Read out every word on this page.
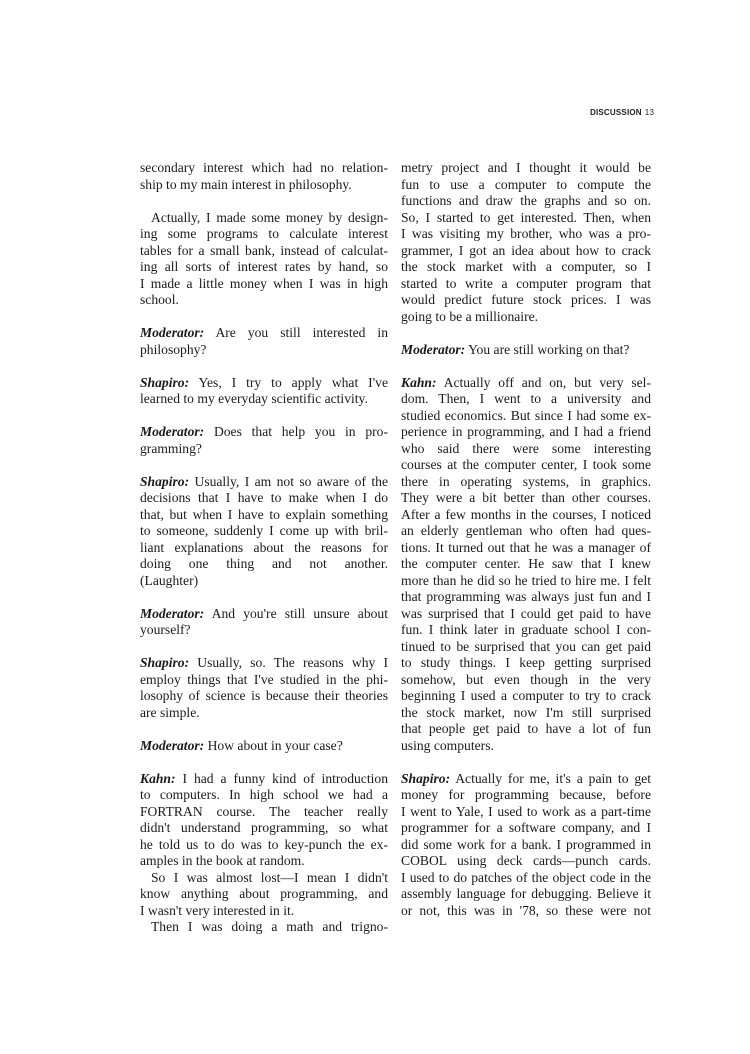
DISCUSSION 13
secondary interest which had no relation-
ship to my main interest in philosophy.
Actually, I made some money by design-
ing some programs to calculate interest
tables for a small bank, instead of calculat-
ing all sorts of interest rates by hand, so
I made a little money when I was in high
school.
Moderator: Are you still interested in
philosophy?
Shapiro: Yes, I try to apply what I've
learned to my everyday scientific activity.
Moderator: Does that help you in pro-
gramming?
Shapiro: Usually, I am not so aware of the
decisions that I have to make when I do
that, but when I have to explain something
to someone, suddenly I come up with bril-
liant explanations about the reasons for
doing one thing and not another.
(Laughter)
Moderator: And you're still unsure about
yourself?
Shapiro: Usually, so. The reasons why I
employ things that I've studied in the phi-
losophy of science is because their theories
are simple.
Moderator: How about in your case?
Kahn: I had a funny kind of introduction
to computers. In high school we had a
FORTRAN course. The teacher really
didn't understand programming, so what
he told us to do was to key-punch the ex-
amples in the book at random.
So I was almost lost—I mean I didn't
know anything about programming, and
I wasn't very interested in it.
Then I was doing a math and trigno-
metry project and I thought it would be
fun to use a computer to compute the
functions and draw the graphs and so on.
So, I started to get interested. Then, when
I was visiting my brother, who was a pro-
grammer, I got an idea about how to crack
the stock market with a computer, so I
started to write a computer program that
would predict future stock prices. I was
going to be a millionaire.
Moderator: You are still working on that?
Kahn: Actually off and on, but very sel-
dom. Then, I went to a university and
studied economics. But since I had some ex-
perience in programming, and I had a friend
who said there were some interesting
courses at the computer center, I took some
there in operating systems, in graphics.
They were a bit better than other courses.
After a few months in the courses, I noticed
an elderly gentleman who often had ques-
tions. It turned out that he was a manager of
the computer center. He saw that I knew
more than he did so he tried to hire me. I felt
that programming was always just fun and I
was surprised that I could get paid to have
fun. I think later in graduate school I con-
tinued to be surprised that you can get paid
to study things. I keep getting surprised
somehow, but even though in the very
beginning I used a computer to try to crack
the stock market, now I'm still surprised
that people get paid to have a lot of fun
using computers.
Shapiro: Actually for me, it's a pain to get
money for programming because, before
I went to Yale, I used to work as a part-time
programmer for a software company, and I
did some work for a bank. I programmed in
COBOL using deck cards—punch cards.
I used to do patches of the object code in the
assembly language for debugging. Believe it
or not, this was in '78, so these were not
